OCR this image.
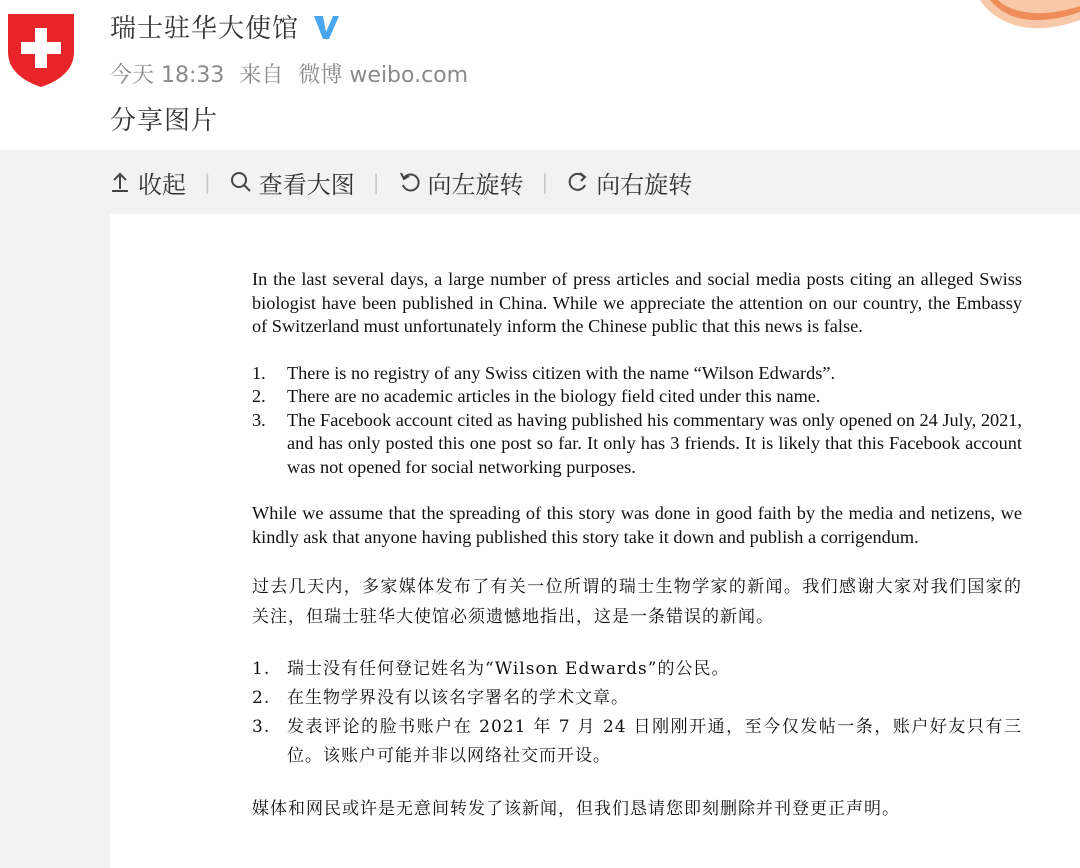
瑞士驻华大使馆
今天 18:33 来自 微博 weibo.com
分享图片
收起 | 查看大图 | 向左旋转 | 向右旋转

In the last several days, a large number of press articles and social media posts citing an alleged Swiss biologist have been published in China. While we appreciate the attention on our country, the Embassy of Switzerland must unfortunately inform the Chinese public that this news is false.

1.	There is no registry of any Swiss citizen with the name “Wilson Edwards”.
2.	There are no academic articles in the biology field cited under this name.
3.	The Facebook account cited as having published his commentary was only opened on 24 July, 2021, and has only posted this one post so far. It only has 3 friends. It is likely that this Facebook account was not opened for social networking purposes.

While we assume that the spreading of this story was done in good faith by the media and netizens, we kindly ask that anyone having published this story take it down and publish a corrigendum.

过去几天内，多家媒体发布了有关一位所谓的瑞士生物学家的新闻。我们感谢大家对我们国家的关注，但瑞士驻华大使馆必须遗憾地指出，这是一条错误的新闻。

1. 瑞士没有任何登记姓名为“Wilson Edwards”的公民。
2. 在生物学界没有以该名字署名的学术文章。
3. 发表评论的脸书账户在 2021 年 7 月 24 日刚刚开通，至今仅发帖一条，账户好友只有三位。该账户可能并非以网络社交而开设。

媒体和网民或许是无意间转发了该新闻，但我们恳请您即刻删除并刊登更正声明。
